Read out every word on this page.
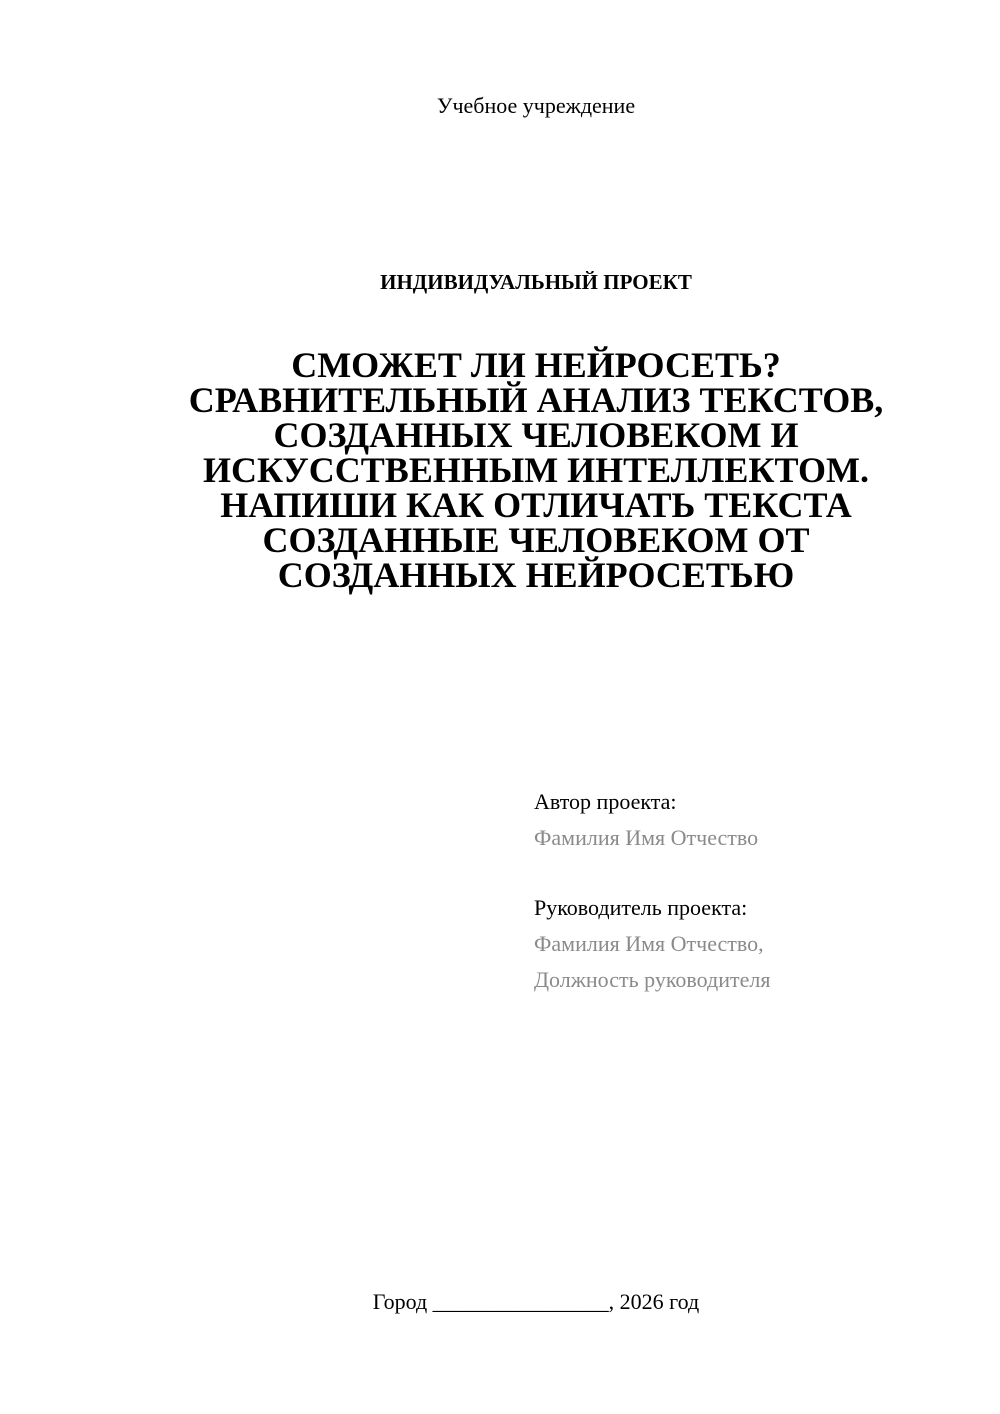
Учебное учреждение
ИНДИВИДУАЛЬНЫЙ ПРОЕКТ
СМОЖЕТ ЛИ НЕЙРОСЕТЬ?
СРАВНИТЕЛЬНЫЙ АНАЛИЗ ТЕКСТОВ,
СОЗДАННЫХ ЧЕЛОВЕКОМ И
ИСКУССТВЕННЫМ ИНТЕЛЛЕКТОМ.
НАПИШИ КАК ОТЛИЧАТЬ ТЕКСТА
СОЗДАННЫЕ ЧЕЛОВЕКОМ ОТ
СОЗДАННЫХ НЕЙРОСЕТЬЮ
Автор проекта:
Фамилия Имя Отчество
Руководитель проекта:
Фамилия Имя Отчество,
Должность руководителя
Город ________________, 2026 год
